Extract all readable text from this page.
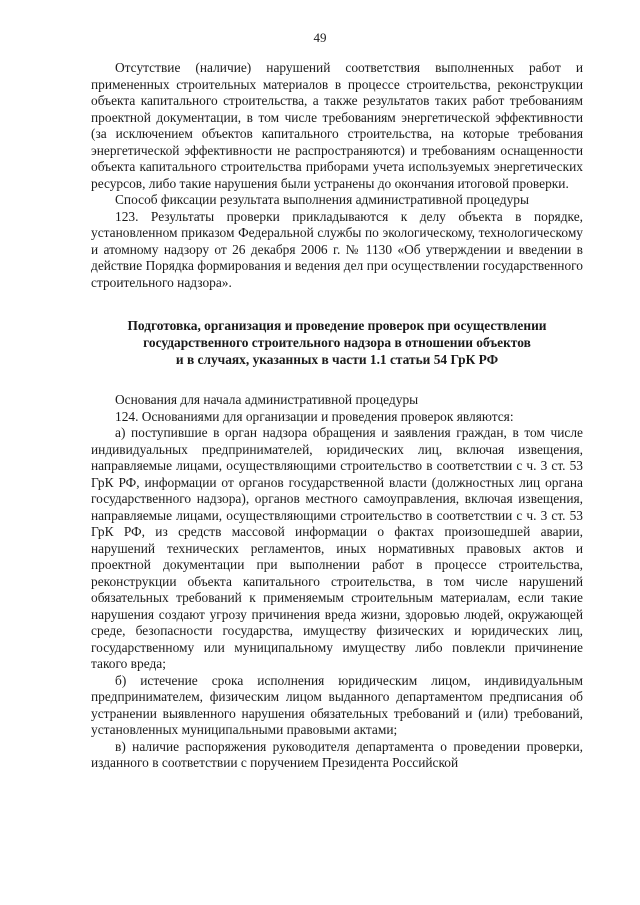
49

Отсутствие (наличие) нарушений соответствия выполненных работ и примененных строительных материалов в процессе строительства, реконструкции объекта капитального строительства, а также результатов таких работ требованиям проектной документации, в том числе требованиям энергетической эффективности (за исключением объектов капитального строительства, на которые требования энергетической эффективности не распространяются) и требованиям оснащенности объекта капитального строительства приборами учета используемых энергетических ресурсов, либо такие нарушения были устранены до окончания итоговой проверки.

Способ фиксации результата выполнения административной процедуры

123. Результаты проверки прикладываются к делу объекта в порядке, установленном приказом Федеральной службы по экологическому, технологическому и атомному надзору от 26 декабря 2006 г. № 1130 «Об утверждении и введении в действие Порядка формирования и ведения дел при осуществлении государственного строительного надзора».

Подготовка, организация и проведение проверок при осуществлении
государственного строительного надзора в отношении объектов
и в случаях, указанных в части 1.1 статьи 54 ГрК РФ

Основания для начала административной процедуры

124. Основаниями для организации и проведения проверок являются:

а) поступившие в орган надзора обращения и заявления граждан, в том числе индивидуальных предпринимателей, юридических лиц, включая извещения, направляемые лицами, осуществляющими строительство в соответствии с ч. 3 ст. 53 ГрК РФ, информации от органов государственной власти (должностных лиц органа государственного надзора), органов местного самоуправления, включая извещения, направляемые лицами, осуществляющими строительство в соответствии с ч. 3 ст. 53 ГрК РФ, из средств массовой информации о фактах произошедшей аварии, нарушений технических регламентов, иных нормативных правовых актов и проектной документации при выполнении работ в процессе строительства, реконструкции объекта капитального строительства, в том числе нарушений обязательных требований к применяемым строительным материалам, если такие нарушения создают угрозу причинения вреда жизни, здоровью людей, окружающей среде, безопасности государства, имуществу физических и юридических лиц, государственному или муниципальному имуществу либо повлекли причинение такого вреда;

б) истечение срока исполнения юридическим лицом, индивидуальным предпринимателем, физическим лицом выданного департаментом предписания об устранении выявленного нарушения обязательных требований и (или) требований, установленных муниципальными правовыми актами;

в) наличие распоряжения руководителя департамента о проведении проверки, изданного в соответствии с поручением Президента Российской
